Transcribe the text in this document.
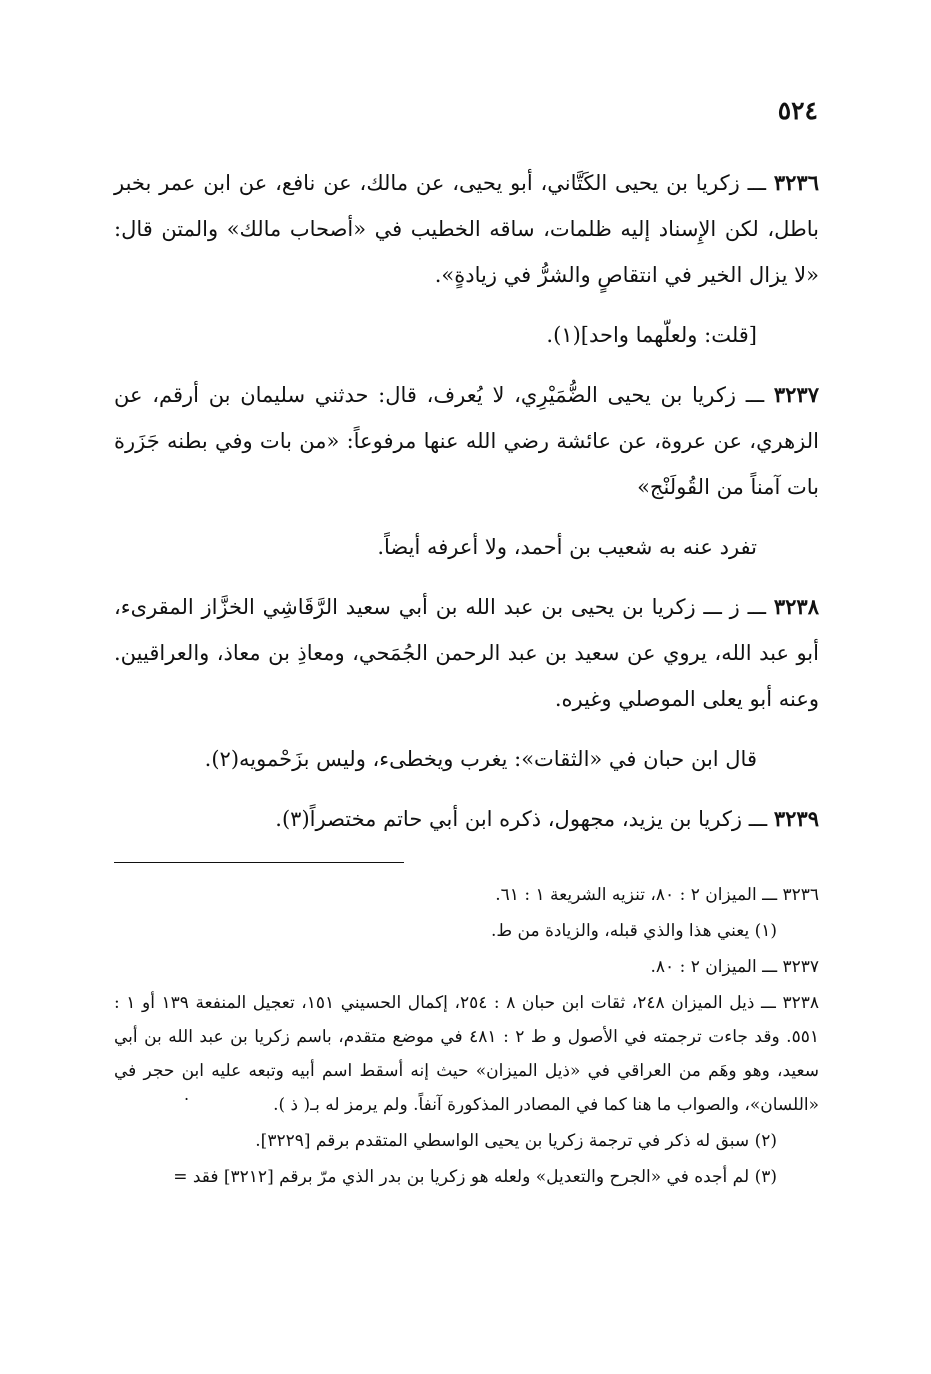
٥٢٤

٣٢٣٦ ـــ زكريا بن يحيى الكَتَّاني، أبو يحيى، عن مالك، عن نافع، عن ابن عمر بخبر باطل، لكن الإِسناد إليه ظلمات، ساقه الخطيب في «أصحاب مالك» والمتن قال: «لا يزال الخير في انتقاصٍ والشرُّ في زيادةٍ».

[قلت: ولعلّهما واحد](١).

٣٢٣٧ ـــ زكريا بن يحيى الضُّمَيْرِي، لا يُعرف، قال: حدثني سليمان بن أرقم، عن الزهري، عن عروة، عن عائشة رضي الله عنها مرفوعاً: «من بات وفي بطنه جَزَرة بات آمناً من القُولَنْج»

تفرد عنه به شعيب بن أحمد، ولا أعرفه أيضاً.

٣٢٣٨ ـــ ز ـــ زكريا بن يحيى بن عبد الله بن أبي سعيد الرَّقَاشِي الخزَّاز المقرىء، أبو عبد الله، يروي عن سعيد بن عبد الرحمن الجُمَحي، ومعاذِ بن معاذ، والعراقيين. وعنه أبو يعلى الموصلي وغيره.

قال ابن حبان في «الثقات»: يغرب ويخطىء، وليس بزَحْمويه(٢).

٣٢٣٩ ـــ زكريا بن يزيد، مجهول، ذكره ابن أبي حاتم مختصراً(٣).

٣٢٣٦ ـــ الميزان ٢ : ٨٠، تنزيه الشريعة ١ : ٦١.

(١) يعني هذا والذي قبله، والزيادة من ط.

٣٢٣٧ ـــ الميزان ٢ : ٨٠.

٣٢٣٨ ـــ ذيل الميزان ٢٤٨، ثقات ابن حبان ٨ : ٢٥٤، إكمال الحسيني ١٥١، تعجيل المنفعة ١٣٩ أو ١ : ٥٥١. وقد جاءت ترجمته في الأصول و ط ٢ : ٤٨١ في موضع متقدم، باسم زكريا بن عبد الله بن أبي سعيد، وهو وهَم من العراقي في «ذيل الميزان» حيث إنه أسقط اسم أبيه وتبعه عليه ابن حجر في «اللسان»، والصواب ما هنا كما في المصادر المذكورة آنفاً. ولم يرمز له بـ( ذ ).

.

(٢) سبق له ذكر في ترجمة زكريا بن يحيى الواسطي المتقدم برقم [٣٢٢٩].

(٣) لم أجده في «الجرح والتعديل» ولعله هو زكريا بن بدر الذي مرّ برقم [٣٢١٢] فقد =
